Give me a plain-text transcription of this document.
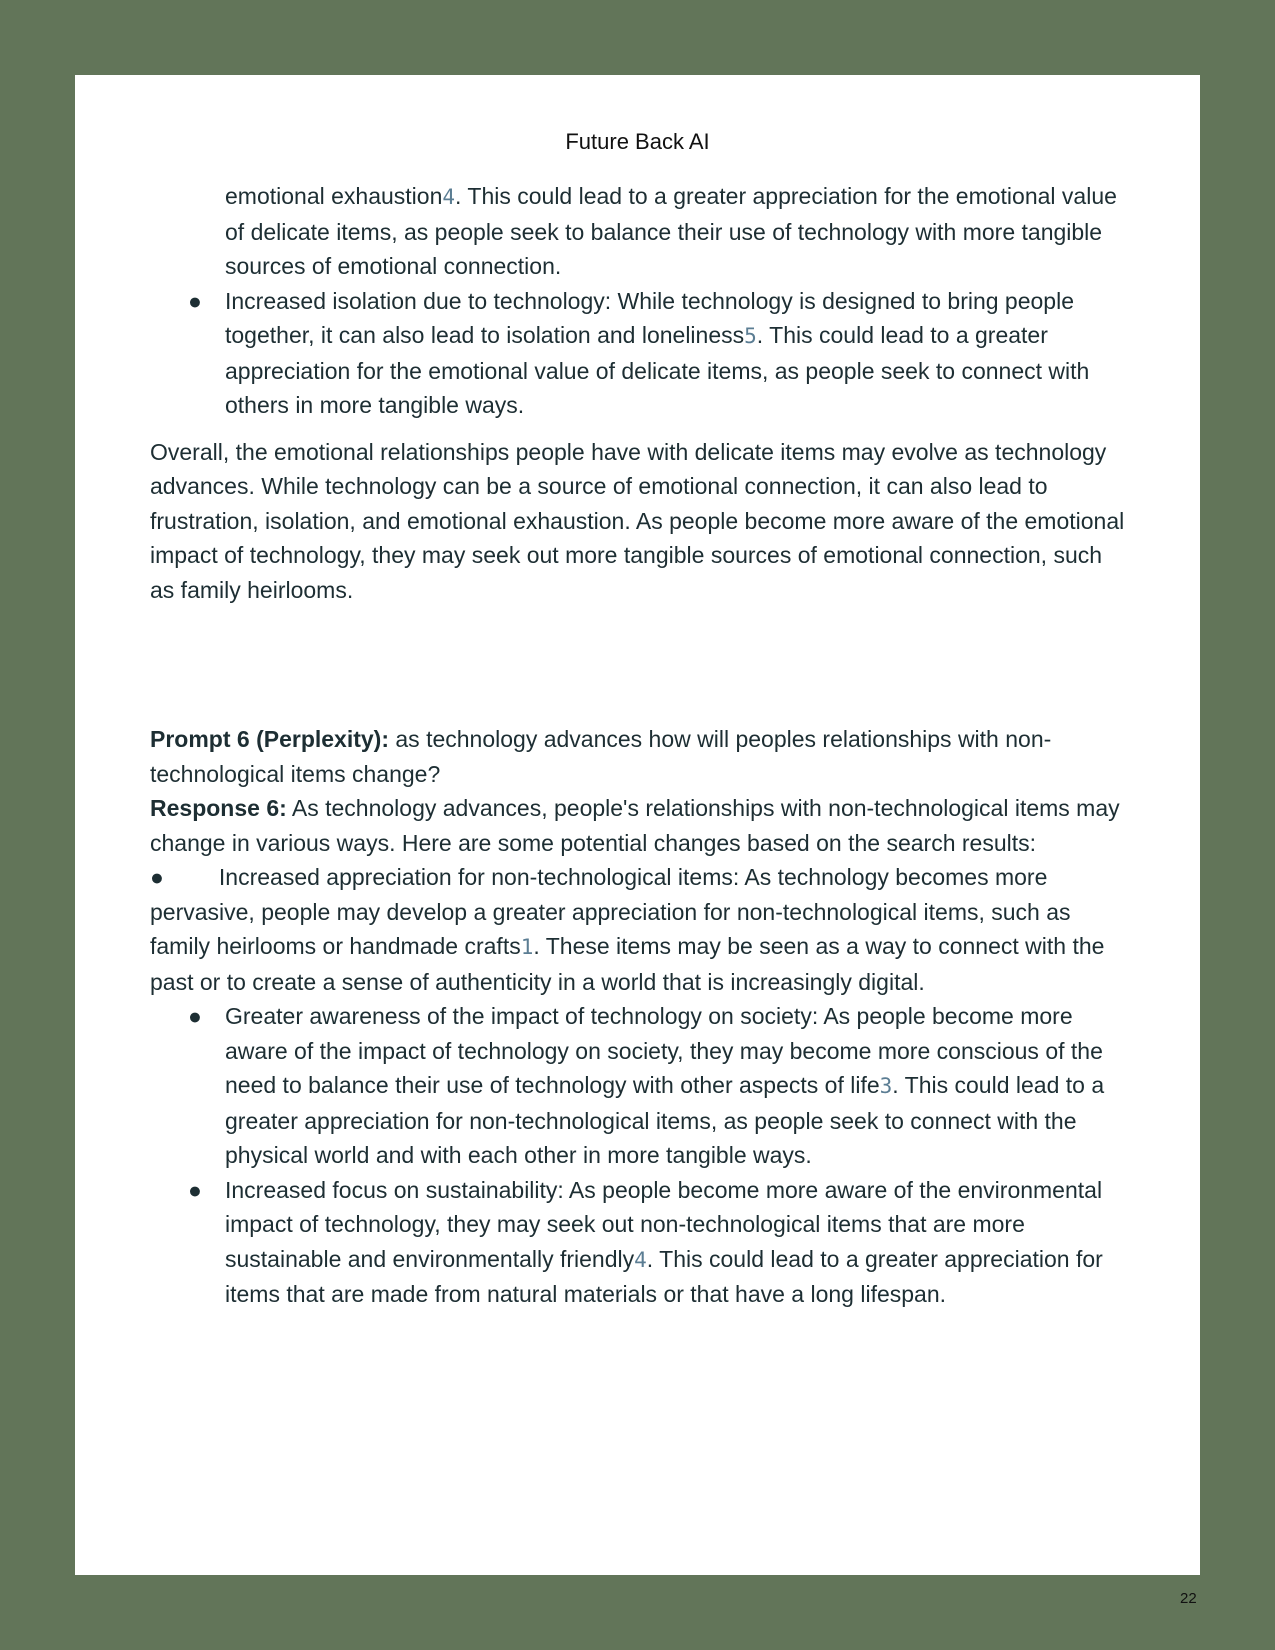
Future Back AI
emotional exhaustion4. This could lead to a greater appreciation for the emotional value of delicate items, as people seek to balance their use of technology with more tangible sources of emotional connection.
● Increased isolation due to technology: While technology is designed to bring people together, it can also lead to isolation and loneliness5. This could lead to a greater appreciation for the emotional value of delicate items, as people seek to connect with others in more tangible ways.

Overall, the emotional relationships people have with delicate items may evolve as technology advances. While technology can be a source of emotional connection, it can also lead to frustration, isolation, and emotional exhaustion. As people become more aware of the emotional impact of technology, they may seek out more tangible sources of emotional connection, such as family heirlooms.

Prompt 6 (Perplexity): as technology advances how will peoples relationships with non-technological items change?
Response 6: As technology advances, people's relationships with non-technological items may change in various ways. Here are some potential changes based on the search results:
● Increased appreciation for non-technological items: As technology becomes more pervasive, people may develop a greater appreciation for non-technological items, such as family heirlooms or handmade crafts1. These items may be seen as a way to connect with the past or to create a sense of authenticity in a world that is increasingly digital.
● Greater awareness of the impact of technology on society: As people become more aware of the impact of technology on society, they may become more conscious of the need to balance their use of technology with other aspects of life3. This could lead to a greater appreciation for non-technological items, as people seek to connect with the physical world and with each other in more tangible ways.
● Increased focus on sustainability: As people become more aware of the environmental impact of technology, they may seek out non-technological items that are more sustainable and environmentally friendly4. This could lead to a greater appreciation for items that are made from natural materials or that have a long lifespan.
22
